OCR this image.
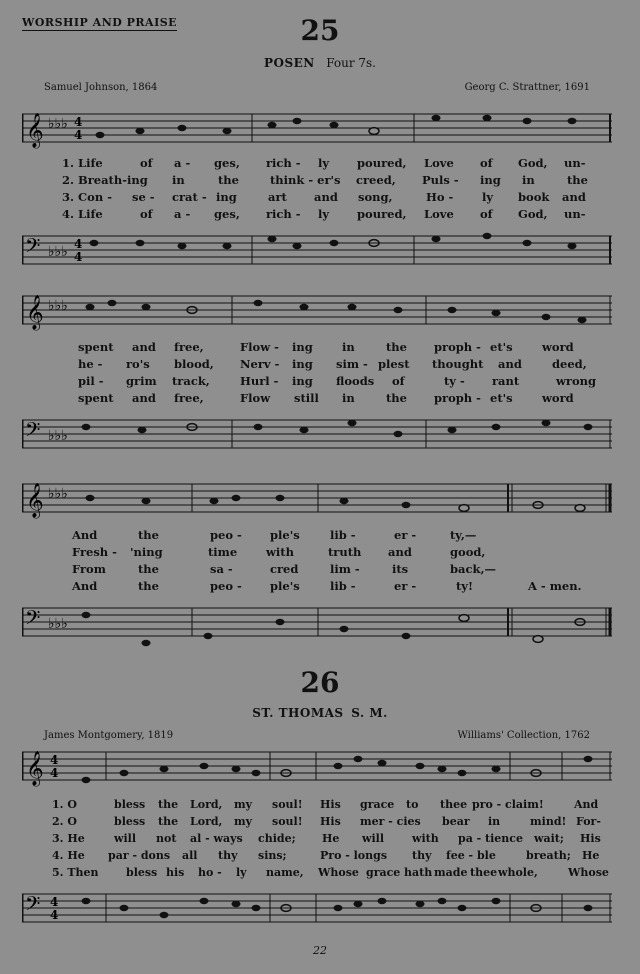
WORSHIP AND PRAISE	25
POSEN Four 7s.
Samuel Johnson, 1864	Georg C. Strattner, 1691
𝄞 ♭♭♭ 4
4
1. Life	of a - ges, rich - ly poured, Love of God, un-
2. Breath-ing in	the	think - er's creed, Puls - ing in	the
3. Con - se - crat - ing	art and song,	Ho - ly book and
4. Life	of a - ges, rich - ly poured, Love of God, un-
𝄢 ♭♭♭ 4
4
𝄞 ♭♭♭
spent and free,	Flow - ing	in	the proph - et's	word
he - ro's blood, Nerv - ing sim - plest thought and	deed,
pil - grim track,	Hurl - ing floods of	ty - rant	wrong
spent and free,	Flow still in	the proph - et's	word
𝄢 ♭♭♭
𝄞 ♭♭♭
And	the	peo - ple's	lib -	er -	ty,—
Fresh - 'ning	time	with	truth and	good,
From	the	sa -	cred	lim -	its	back,—
And	the	peo - ple's	lib -	er -	ty!	A - men.
𝄢 ♭♭♭
26
ST. THOMAS S. M.
James Montgomery, 1819	Williams' Collection, 1762
𝄞 4
4
1. O	bless the Lord, my soul! His grace to thee pro - claim!	And
2. O	bless the Lord, my soul! His mer - cies bear in	mind! For-
3. He	will not al - ways chide; He will	with pa - tience wait; His
4. He par - dons all thy sins;	Pro - longs thy fee - ble	breath; He
5. Then	bless his ho - ly name, Whose grace hath made thee whole,	Whose
𝄢 4
4
22
